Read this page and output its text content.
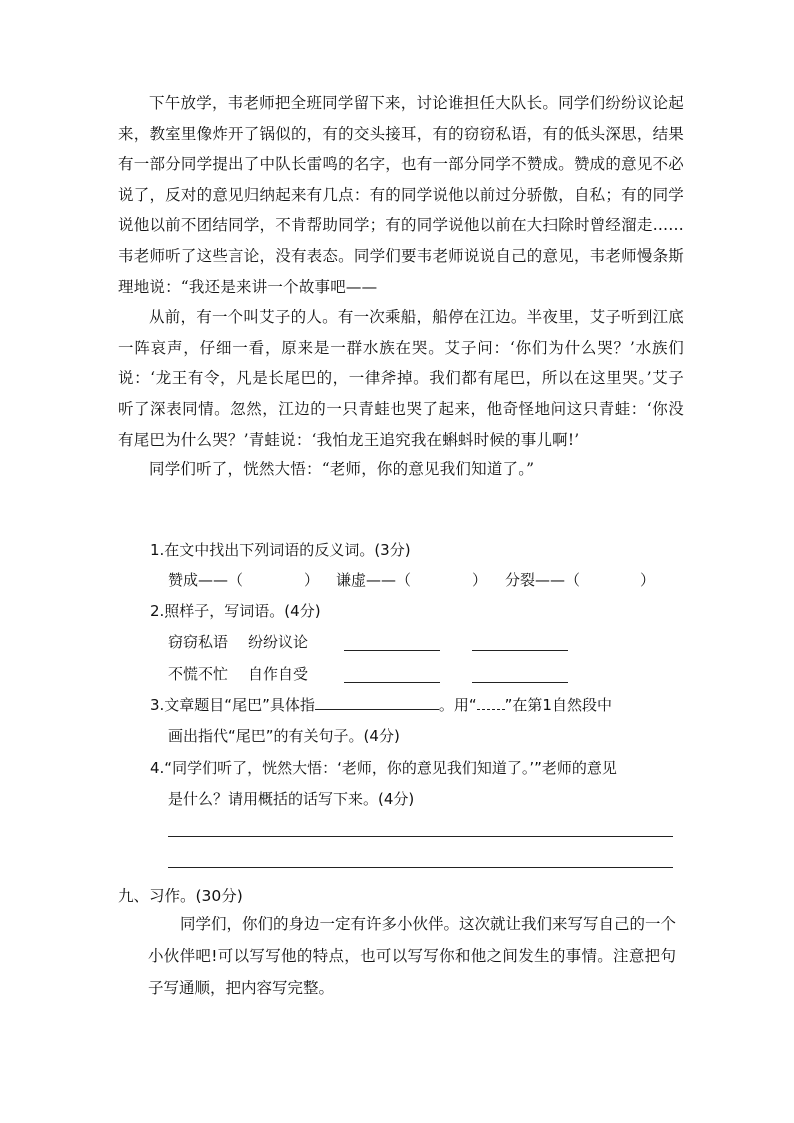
下午放学，韦老师把全班同学留下来，讨论谁担任大队长。同学们纷纷议论起来，教室里像炸开了锅似的，有的交头接耳，有的窃窃私语，有的低头深思，结果有一部分同学提出了中队长雷鸣的名字，也有一部分同学不赞成。赞成的意见不必说了，反对的意见归纳起来有几点：有的同学说他以前过分骄傲，自私；有的同学说他以前不团结同学，不肯帮助同学；有的同学说他以前在大扫除时曾经溜走……韦老师听了这些言论，没有表态。同学们要韦老师说说自己的意见，韦老师慢条斯理地说：“我还是来讲一个故事吧——

从前，有一个叫艾子的人。有一次乘船，船停在江边。半夜里，艾子听到江底一阵哀声，仔细一看，原来是一群水族在哭。艾子问：‘你们为什么哭？’水族们说：‘龙王有令，凡是长尾巴的，一律斧掉。我们都有尾巴，所以在这里哭。’艾子听了深表同情。忽然，江边的一只青蛙也哭了起来，他奇怪地问这只青蛙：‘你没有尾巴为什么哭？’青蛙说：‘我怕龙王追究我在蝌蚪时候的事儿啊!’

同学们听了，恍然大悟：“老师，你的意见我们知道了。”

1.在文中找出下列词语的反义词。(3分)
赞成——（	） 谦虚——（	） 分裂——（	）
2.照样子，写词语。(4分)
窃窃私语 纷纷议论
不慌不忙 自作自受
3.文章题目“尾巴”具体指	。用“ ”在第1自然段中
画出指代“尾巴”的有关句子。(4分)
4.“同学们听了，恍然大悟：‘老师，你的意见我们知道了。’”老师的意见
是什么？请用概括的话写下来。(4分)
九、习作。(30分)

同学们，你们的身边一定有许多小伙伴。这次就让我们来写写自己的一个小伙伴吧!可以写写他的特点，也可以写写你和他之间发生的事情。注意把句子写通顺，把内容写完整。
